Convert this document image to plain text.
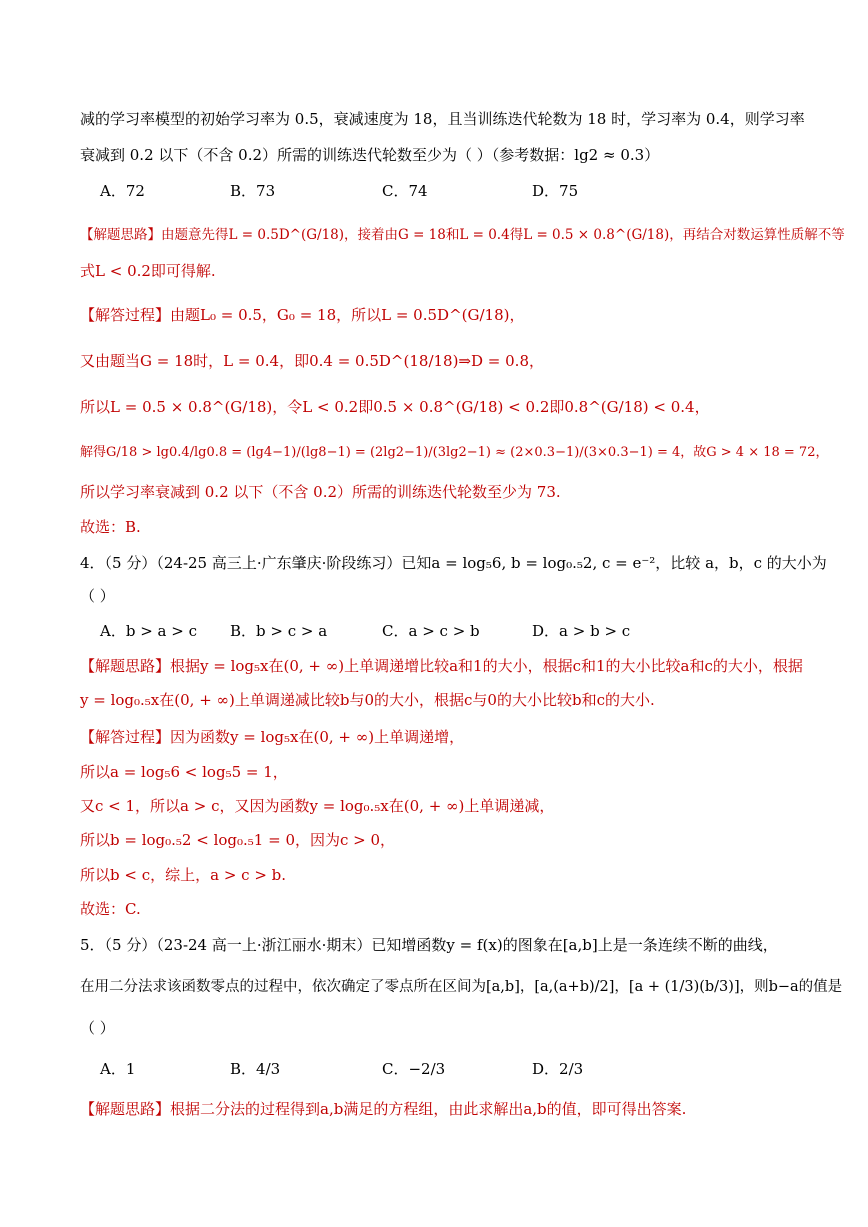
减的学习率模型的初始学习率为 0.5，衰减速度为 18，且当训练迭代轮数为 18 时，学习率为 0.4，则学习率
衰减到 0.2 以下（不含 0.2）所需的训练迭代轮数至少为（ ）（参考数据：lg2 ≈ 0.3）
A．72	B．73	C．74	D．75
【解题思路】由题意先得L = 0.5D^(G/18)，接着由G = 18和L = 0.4得L = 0.5 × 0.8^(G/18)，再结合对数运算性质解不等
式L < 0.2即可得解.
【解答过程】由题L₀ = 0.5，G₀ = 18，所以L = 0.5D^(G/18)，
又由题当G = 18时，L = 0.4，即0.4 = 0.5D^(18/18)⇒D = 0.8，
所以L = 0.5 × 0.8^(G/18)，令L < 0.2即0.5 × 0.8^(G/18) < 0.2即0.8^(G/18) < 0.4，
解得G/18 > lg0.4/lg0.8 = (lg4−1)/(lg8−1) = (2lg2−1)/(3lg2−1) ≈ (2×0.3−1)/(3×0.3−1) = 4，故G > 4 × 18 = 72，
所以学习率衰减到 0.2 以下（不含 0.2）所需的训练迭代轮数至少为 73.
故选：B.
4．（5 分）（24-25 高三上·广东肇庆·阶段练习）已知a = log₅6, b = log₀.₅2, c = e⁻²，比较 a，b，c 的大小为
（ ）
A．b > a > c B．b > c > a	C．a > c > b	D．a > b > c
【解题思路】根据y = log₅x在(0, + ∞)上单调递增比较a和1的大小，根据c和1的大小比较a和c的大小，根据
y = log₀.₅x在(0, + ∞)上单调递减比较b与0的大小，根据c与0的大小比较b和c的大小.
【解答过程】因为函数y = log₅x在(0, + ∞)上单调递增，
所以a = log₅6 < log₅5 = 1，
又c < 1，所以a > c，又因为函数y = log₀.₅x在(0, + ∞)上单调递减，
所以b = log₀.₅2 < log₀.₅1 = 0，因为c > 0，
所以b < c，综上，a > c > b.
故选：C.
5．（5 分）（23-24 高一上·浙江丽水·期末）已知增函数y = f(x)的图象在[a,b]上是一条连续不断的曲线，
在用二分法求该函数零点的过程中，依次确定了零点所在区间为[a,b]，[a,(a+b)/2]，[a + (1/3)(b/3)]，则b−a的值是
（ ）
A．1	B．4/3	C．−2/3	D．2/3
【解题思路】根据二分法的过程得到a,b满足的方程组，由此求解出a,b的值，即可得出答案.
